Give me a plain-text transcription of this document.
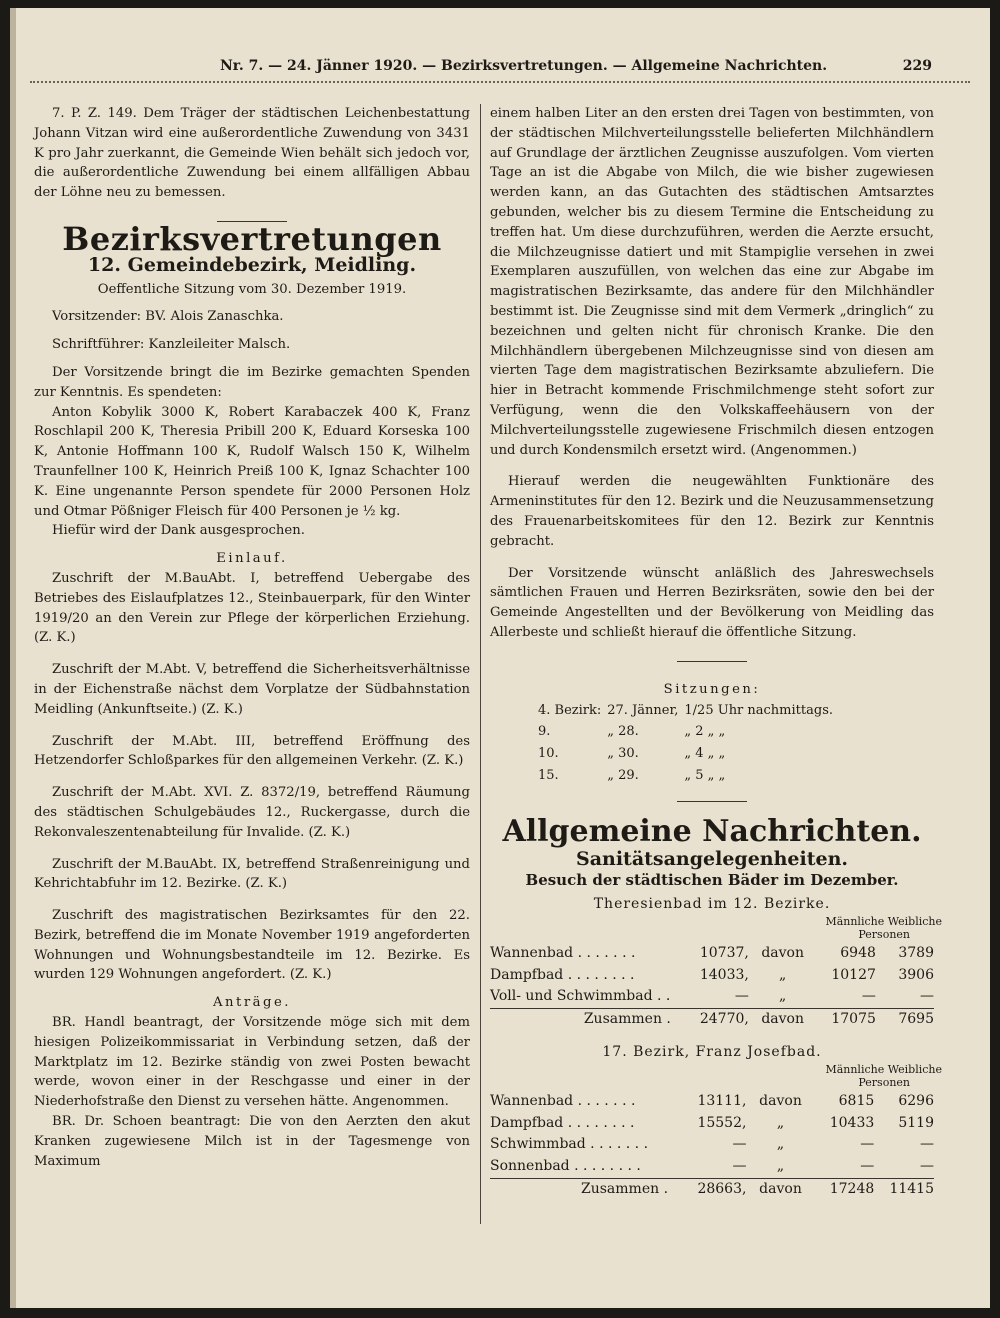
Nr. 7. — 24. Jänner 1920. — Bezirksvertretungen. — Allgemeine Nachrichten.	229

7. P. Z. 149. Dem Träger der städtischen Leichenbestattung Johann Vitzan wird eine außerordentliche Zuwendung von 3431 K pro Jahr zuerkannt, die Gemeinde Wien behält sich jedoch vor, die außerordentliche Zuwendung bei einem allfälligen Abbau der Löhne neu zu bemessen.

Bezirksvertretungen
12. Gemeindebezirk, Meidling.

Oeffentliche Sitzung vom 30. Dezember 1919.

Vorsitzender: BV. Alois Zanaschka.

Schriftführer: Kanzleileiter Malsch.

Der Vorsitzende bringt die im Bezirke gemachten Spenden zur Kenntnis. Es spendeten:

Anton Kobylik 3000 K, Robert Karabaczek 400 K, Franz Roschlapil 200 K, Theresia Pribill 200 K, Eduard Korseska 100 K, Antonie Hoffmann 100 K, Rudolf Walsch 150 K, Wilhelm Traunfellner 100 K, Heinrich Preiß 100 K, Ignaz Schachter 100 K. Eine ungenannte Person spendete für 2000 Personen Holz und Otmar Pößniger Fleisch für 400 Personen je ½ kg.

Hiefür wird der Dank ausgesprochen.

Einlauf.

Zuschrift der M.BauAbt. I, betreffend Uebergabe des Betriebes des Eislaufplatzes 12., Steinbauerpark, für den Winter 1919/20 an den Verein zur Pflege der körperlichen Erziehung. (Z. K.)

Zuschrift der M.Abt. V, betreffend die Sicherheitsverhältnisse in der Eichenstraße nächst dem Vorplatze der Südbahnstation Meidling (Ankunftseite.) (Z. K.)

Zuschrift der M.Abt. III, betreffend Eröffnung des Hetzendorfer Schloßparkes für den allgemeinen Verkehr. (Z. K.)

Zuschrift der M.Abt. XVI. Z. 8372/19, betreffend Räumung des städtischen Schulgebäudes 12., Ruckergasse, durch die Rekonvaleszentenabteilung für Invalide. (Z. K.)

Zuschrift der M.BauAbt. IX, betreffend Straßenreinigung und Kehrichtabfuhr im 12. Bezirke. (Z. K.)

Zuschrift des magistratischen Bezirksamtes für den 22. Bezirk, betreffend die im Monate November 1919 angeforderten Wohnungen und Wohnungsbestandteile im 12. Bezirke. Es wurden 129 Wohnungen angefordert. (Z. K.)

Anträge.

BR. Handl beantragt, der Vorsitzende möge sich mit dem hiesigen Polizeikommissariat in Verbindung setzen, daß der Marktplatz im 12. Bezirke ständig von zwei Posten bewacht werde, wovon einer in der Reschgasse und einer in der Niederhofstraße den Dienst zu versehen hätte. Angenommen.

BR. Dr. Schoen beantragt: Die von den Aerzten den akut Kranken zugewiesene Milch ist in der Tagesmenge von Maximum

einem halben Liter an den ersten drei Tagen von bestimmten, von der städtischen Milchverteilungsstelle belieferten Milchhändlern auf Grundlage der ärztlichen Zeugnisse auszufolgen. Vom vierten Tage an ist die Abgabe von Milch, die wie bisher zugewiesen werden kann, an das Gutachten des städtischen Amtsarztes gebunden, welcher bis zu diesem Termine die Entscheidung zu treffen hat. Um diese durchzuführen, werden die Aerzte ersucht, die Milchzeugnisse datiert und mit Stampiglie versehen in zwei Exemplaren auszufüllen, von welchen das eine zur Abgabe im magistratischen Bezirksamte, das andere für den Milchhändler bestimmt ist. Die Zeugnisse sind mit dem Vermerk „dringlich“ zu bezeichnen und gelten nicht für chronisch Kranke. Die den Milchhändlern übergebenen Milchzeugnisse sind von diesen am vierten Tage dem magistratischen Bezirksamte abzuliefern. Die hier in Betracht kommende Frischmilchmenge steht sofort zur Verfügung, wenn die den Volkskaffeehäusern von der Milchverteilungsstelle zugewiesene Frischmilch diesen entzogen und durch Kondensmilch ersetzt wird. (Angenommen.)

Hierauf werden die neugewählten Funktionäre des Armeninstitutes für den 12. Bezirk und die Neuzusammensetzung des Frauenarbeitskomitees für den 12. Bezirk zur Kenntnis gebracht.

Der Vorsitzende wünscht anläßlich des Jahreswechsels sämtlichen Frauen und Herren Bezirksräten, sowie den bei der Gemeinde Angestellten und der Bevölkerung von Meidling das Allerbeste und schließt hierauf die öffentliche Sitzung.

Sitzungen:

4. Bezirk:	27. Jänner,	1/25 Uhr nachmittags.
9.	„ 28.	„ 2 „ „
10.	„ 30.	„ 4 „ „
15.	„ 29.	„ 5 „ „
Allgemeine Nachrichten.
Sanitätsangelegenheiten.
Besuch der städtischen Bäder im Dezember.
Theresienbad im 12. Bezirke.
Männliche Weibliche
Personen
Wannenbad . . . . . . .	10737,	davon	6948	3789
Dampfbad . . . . . . . .	14033,	„	10127	3906
Voll- und Schwimmbad . .	—	„	—	—
Zusammen .	24770,	davon	17075	7695
17. Bezirk, Franz Josefbad.
Männliche Weibliche
Personen
Wannenbad . . . . . . .	13111,	davon	6815	6296
Dampfbad . . . . . . . .	15552,	„	10433	5119
Schwimmbad . . . . . . .	—	„	—	—
Sonnenbad . . . . . . . .	—	„	—	—
Zusammen .	28663,	davon	17248	11415
